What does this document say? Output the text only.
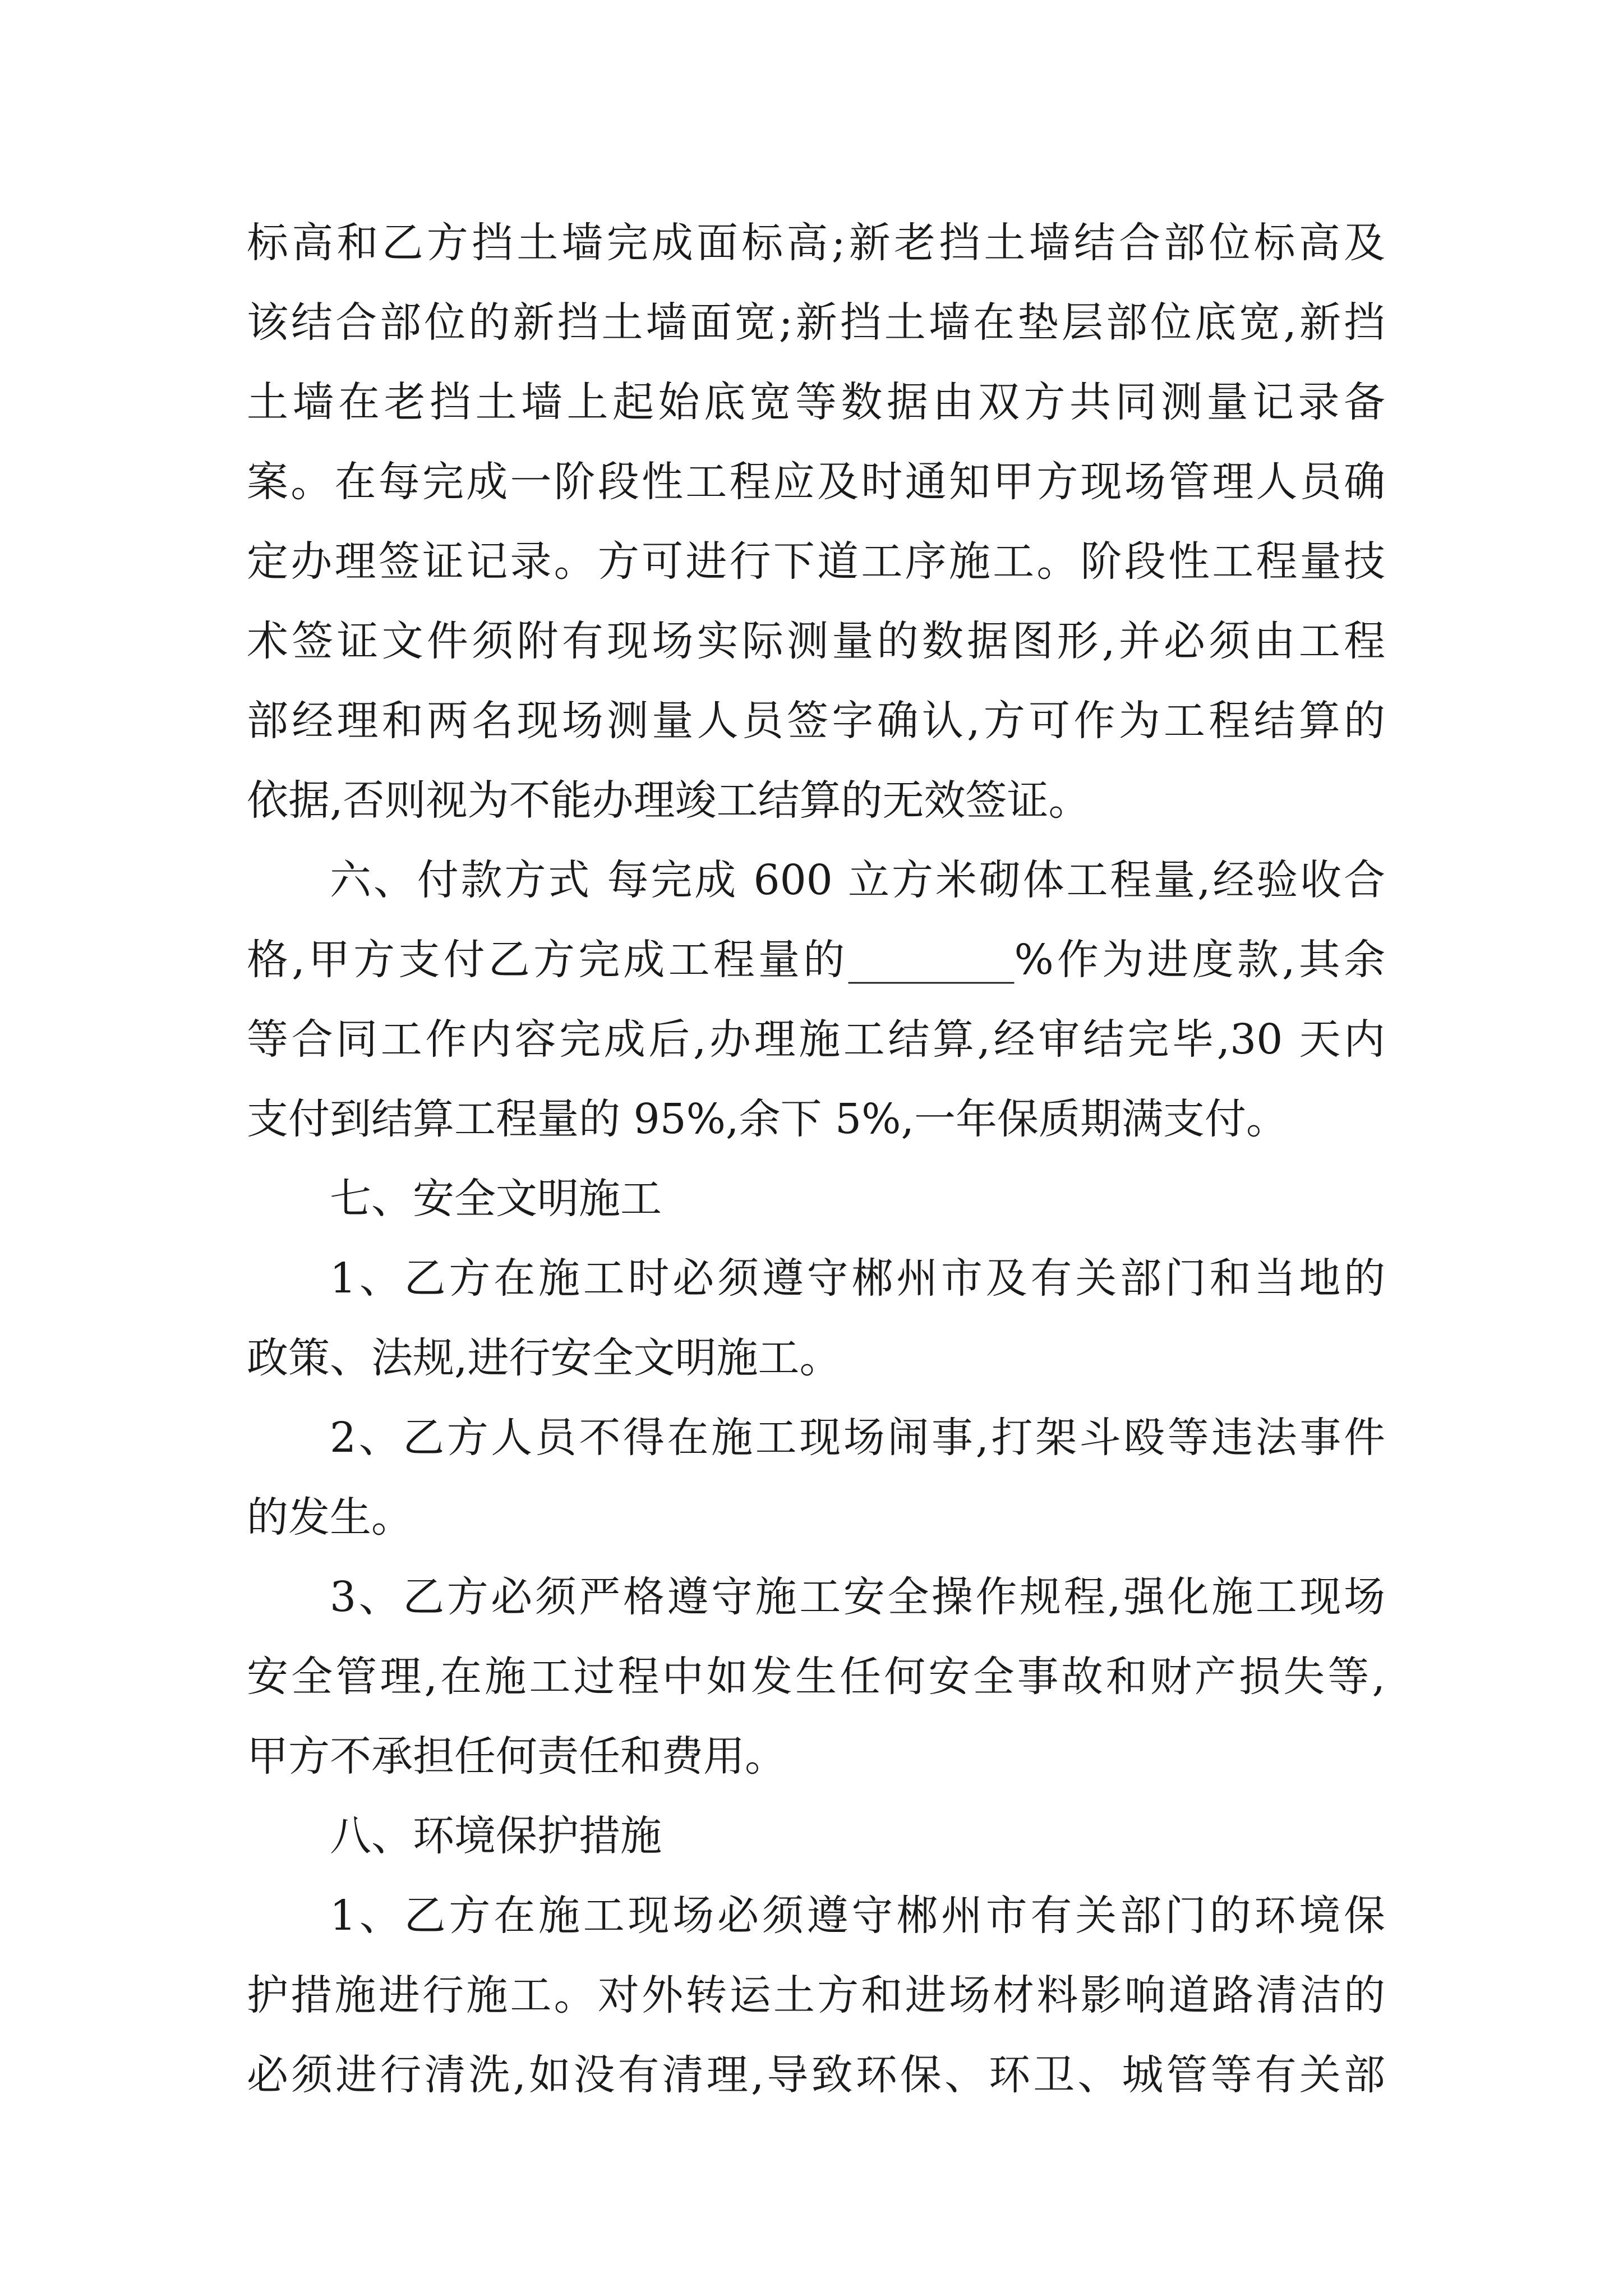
标高和乙方挡土墙完成面标高;新老挡土墙结合部位标高及
该结合部位的新挡土墙面宽;新挡土墙在垫层部位底宽,新挡
土墙在老挡土墙上起始底宽等数据由双方共同测量记录备
案。在每完成一阶段性工程应及时通知甲方现场管理人员确
定办理签证记录。方可进行下道工序施工。阶段性工程量技
术签证文件须附有现场实际测量的数据图形,并必须由工程
部经理和两名现场测量人员签字确认,方可作为工程结算的
依据,否则视为不能办理竣工结算的无效签证。
六、付款方式 每完成 600 立方米砌体工程量,经验收合
格,甲方支付乙方完成工程量的________%作为进度款,其余
等合同工作内容完成后,办理施工结算,经审结完毕,30 天内
支付到结算工程量的 95%,余下 5%,一年保质期满支付。
七、安全文明施工
1、乙方在施工时必须遵守郴州市及有关部门和当地的
政策、法规,进行安全文明施工。
2、乙方人员不得在施工现场闹事,打架斗殴等违法事件
的发生。
3、乙方必须严格遵守施工安全操作规程,强化施工现场
安全管理,在施工过程中如发生任何安全事故和财产损失等,
甲方不承担任何责任和费用。
八、环境保护措施
1、乙方在施工现场必须遵守郴州市有关部门的环境保
护措施进行施工。对外转运土方和进场材料影响道路清洁的
必须进行清洗,如没有清理,导致环保、环卫、城管等有关部
